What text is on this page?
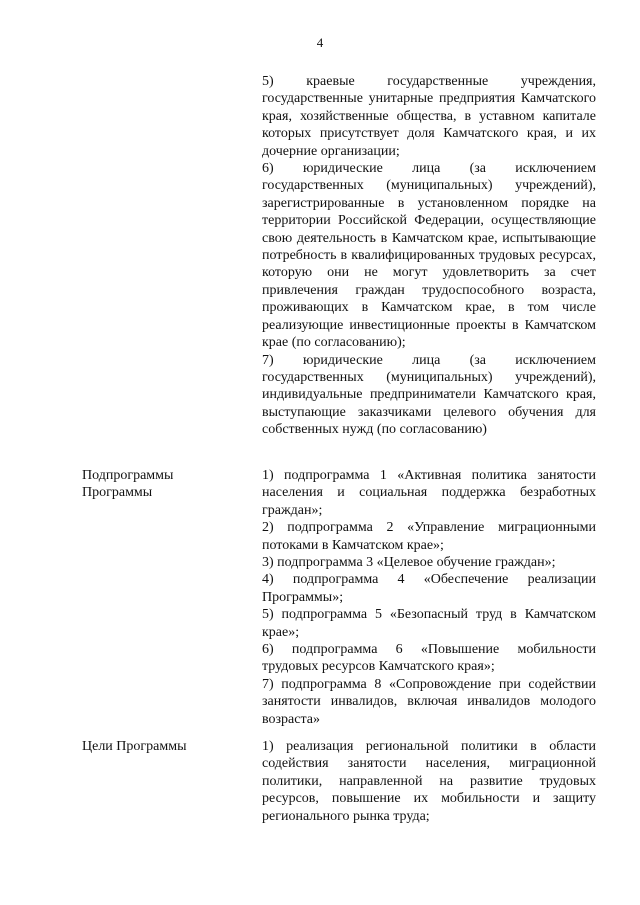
4

5) краевые государственные учреждения, государственные унитарные предприятия Камчатского края, хозяйственные общества, в уставном капитале которых присутствует доля Камчатского края, и их дочерние организации;

6) юридические лица (за исключением государственных (муниципальных) учреждений), зарегистрированные в установленном порядке на территории Российской Федерации, осуществляющие свою деятельность в Камчатском крае, испытывающие потребность в квалифицированных трудовых ресурсах, которую они не могут удовлетворить за счет привлечения граждан трудоспособного возраста, проживающих в Камчатском крае, в том числе реализующие инвестиционные проекты в Камчатском крае (по согласованию);

7) юридические лица (за исключением государственных (муниципальных) учреждений), индивидуальные предприниматели Камчатского края, выступающие заказчиками целевого обучения для собственных нужд (по согласованию)

Подпрограммы Программы

1) подпрограмма 1 «Активная политика занятости населения и социальная поддержка безработных граждан»;

2) подпрограмма 2 «Управление миграционными потоками в Камчатском крае»;

3) подпрограмма 3 «Целевое обучение граждан»;

4) подпрограмма 4 «Обеспечение реализации Программы»;

5) подпрограмма 5 «Безопасный труд в Камчатском крае»;

6) подпрограмма 6 «Повышение мобильности трудовых ресурсов Камчатского края»;

7) подпрограмма 8 «Сопровождение при содействии занятости инвалидов, включая инвалидов молодого возраста»

Цели Программы	1) реализация региональной политики в области содействия занятости населения, миграционной политики, направленной на развитие трудовых ресурсов, повышение их мобильности и защиту регионального рынка труда;
